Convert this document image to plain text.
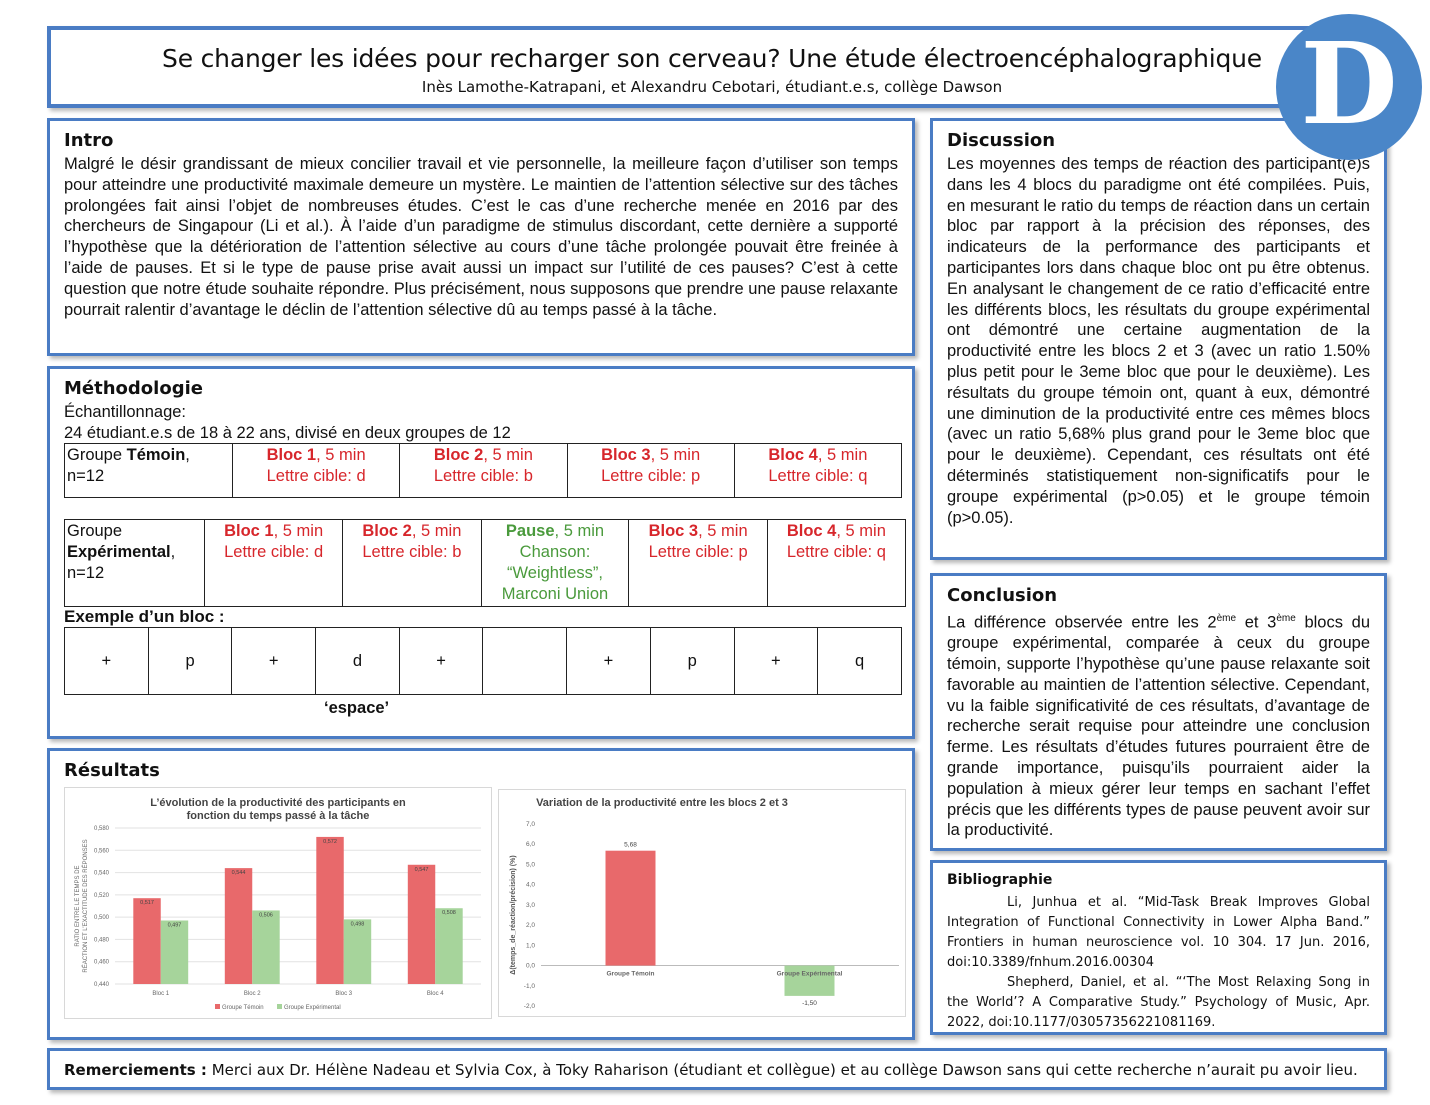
Se changer les idées pour recharger son cerveau? Une étude électroencéphalographique
Inès Lamothe-Katrapani, et Alexandru Cebotari, étudiant.e.s, collège Dawson	D
Intro

Malgré le désir grandissant de mieux concilier travail et vie personnelle, la meilleure façon d’utiliser son temps pour atteindre une productivité maximale demeure un mystère. Le maintien de l’attention sélective sur des tâches prolongées fait ainsi l’objet de nombreuses études. C’est le cas d’une recherche menée en 2016 par des chercheurs de Singapour (Li et al.). À l’aide d’un paradigme de stimulus discordant, cette dernière a supporté l’hypothèse que la détérioration de l’attention sélective au cours d’une tâche prolongée pouvait être freinée à l’aide de pauses. Et si le type de pause prise avait aussi un impact sur l’utilité de ces pauses? C’est à cette question que notre étude souhaite répondre. Plus précisément, nous supposons que prendre une pause relaxante pourrait ralentir d’avantage le déclin de l’attention sélective dû au temps passé à la tâche.

Méthodologie
Échantillonnage:
24 étudiant.e.s de 18 à 22 ans, divisé en deux groupes de 12
Groupe Témoin,
n=12	Bloc 1, 5 min
Lettre cible: d	Bloc 2, 5 min
Lettre cible: b	Bloc 3, 5 min
Lettre cible: p	Bloc 4, 5 min
Lettre cible: q
Groupe
Expérimental,
n=12	Bloc 1, 5 min
Lettre cible: d	Bloc 2, 5 min
Lettre cible: b	Pause, 5 min
Chanson:
“Weightless”,
Marconi Union	Bloc 3, 5 min
Lettre cible: p	Bloc 4, 5 min
Lettre cible: q
Exemple d’un bloc :
+	p	+	d	+		+	p	+	q
‘espace’
Résultats
L’évolution de la productivité des participants en
fonction du temps passé à la tâche
0,440
0,460
0,480
0,500
0,520
0,540
0,560
0,580
RATIO ENTRE LE TEMPS DE RÉACTION ET L’EXACTITUDE DES RÉPONSES	0,517
0,497
Bloc 1
0,544
0,506
Bloc 2
0,572
0,498
Bloc 3
0,547
0,508
Bloc 4
Groupe Témoin	Groupe Expérimental
Variation de la productivité entre les blocs 2 et 3
-2,0
-1,0
0,0
1,0
2,0
3,0
4,0
5,0
6,0
7,0
Δ(temps_de_réaction/précision) (%)
5,68
Groupe Témoin
-1,50
Groupe Expérimental
Discussion

Les moyennes des temps de réaction des participant(e)s dans les 4 blocs du paradigme ont été compilées. Puis, en mesurant le ratio du temps de réaction dans un certain bloc par rapport à la précision des réponses, des indicateurs de la performance des participants et participantes lors dans chaque bloc ont pu être obtenus. En analysant le changement de ce ratio d’efficacité entre les différents blocs, les résultats du groupe expérimental ont démontré une certaine augmentation de la productivité entre les blocs 2 et 3 (avec un ratio 1.50% plus petit pour le 3eme bloc que pour le deuxième). Les résultats du groupe témoin ont, quant à eux, démontré une diminution de la productivité entre ces mêmes blocs (avec un ratio 5,68% plus grand pour le 3eme bloc que pour le deuxième). Cependant, ces résultats ont été déterminés statistiquement non-significatifs pour le groupe expérimental (p>0.05) et le groupe témoin (p>0.05).

Conclusion

La différence observée entre les 2ème et 3ème blocs du groupe expérimental, comparée à ceux du groupe témoin, supporte l’hypothèse qu’une pause relaxante soit favorable au maintien de l’attention sélective. Cependant, vu la faible significativité de ces résultats, d’avantage de recherche serait requise pour atteindre une conclusion ferme. Les résultats d’études futures pourraient être de grande importance, puisqu’ils pourraient aider la population à mieux gérer leur temps en sachant l’effet précis que les différents types de pause peuvent avoir sur la productivité.

Bibliographie

Li, Junhua et al. “Mid-Task Break Improves Global Integration of Functional Connectivity in Lower Alpha Band.” Frontiers in human neuroscience vol. 10 304. 17 Jun. 2016, doi:10.3389/fnhum.2016.00304

Shepherd, Daniel, et al. “‘The Most Relaxing Song in the World’? A Comparative Study.” Psychology of Music, Apr. 2022, doi:10.1177/03057356221081169.

Remerciements : Merci aux Dr. Hélène Nadeau et Sylvia Cox, à Toky Raharison (étudiant et collègue) et au collège Dawson sans qui cette recherche n’aurait pu avoir lieu.
